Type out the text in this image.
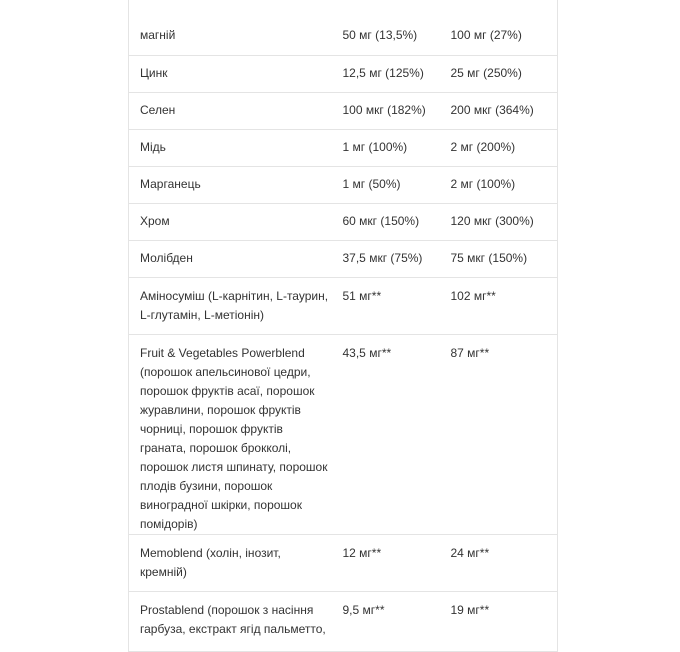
магній	50 мг (13,5%)	100 мг (27%)
Цинк	12,5 мг (125%)	25 мг (250%)
Селен	100 мкг (182%)	200 мкг (364%)
Мідь	1 мг (100%)	2 мг (200%)
Марганець	1 мг (50%)	2 мг (100%)
Хром	60 мкг (150%)	120 мкг (300%)
Молібден	37,5 мкг (75%)	75 мкг (150%)
Аміносуміш (L-карнітин, L-таурин, L-глутамін, L-метіонін)	51 мг**	102 мг**
Fruit & Vegetables Powerblend (порошок апельсинової цедри, порошок фруктів асаї, порошок журавлини, порошок фруктів чорниці, порошок фруктів граната, порошок брокколі, порошок листя шпинату, порошок плодів бузини, порошок виноградної шкірки, порошок помідорів)	43,5 мг**	87 мг**
Memoblend (холін, інозит, кремній)	12 мг**	24 мг**
Prostablend (порошок з насіння гарбуза, екстракт ягід пальметто,	9,5 мг**	19 мг**
